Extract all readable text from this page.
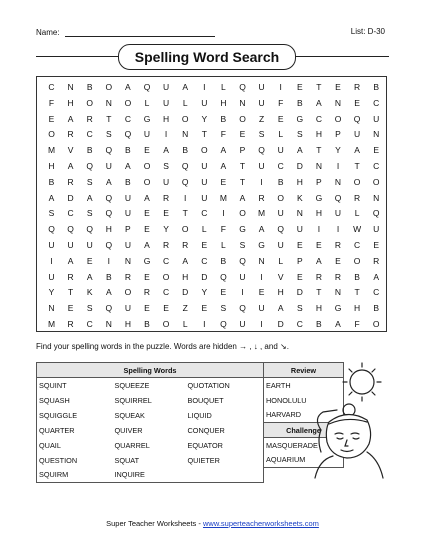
Name:	List: D-30
Spelling Word Search
C	N	B	O	A	Q	U	A	I	L	Q	U	I	E	T	E	R	B
F	H	O	N	O	L	U	L	U	H	N	U	F	B	A	N	E	C
E	A	R	T	C	G	H	O	Y	B	O	Z	E	G	C	O	Q	U
O	R	C	S	Q	U	I	N	T	F	E	S	L	S	H	P	U	N
M	V	B	Q	B	E	A	B	O	A	P	Q	U	A	T	Y	A	E
H	A	Q	U	A	O	S	Q	U	A	T	U	C	D	N	I	T	C
B	R	S	A	B	O	U	Q	U	E	T	I	B	H	P	N	O	O
A	D	A	Q	U	A	R	I	U	M	A	R	O	K	G	Q	R	N
S	C	S	Q	U	E	E	T	C	I	O	M	U	N	H	U	L	Q
Q	Q	Q	H	P	E	Y	O	L	F	G	A	Q	U	I	I	W	U
U	U	U	Q	U	A	R	R	E	L	S	G	U	E	E	R	C	E
I	A	E	I	N	G	C	A	C	B	Q	N	L	P	A	E	O	R
U	R	A	B	R	E	O	H	D	Q	U	I	V	E	R	R	B	A
Y	T	K	A	O	R	C	D	Y	E	I	E	H	D	T	N	T	C
N	E	S	Q	U	E	E	Z	E	S	Q	U	A	S	H	G	H	B
M	R	C	N	H	B	O	L	I	Q	U	I	D	C	B	A	F	O
Find your spelling words in the puzzle. Words are hidden → , ↓ , and ↘.
Spelling Words			Review
SQUINT	SQUEEZE	QUOTATION	EARTH
SQUASH	SQUIRREL	BOUQUET	HONOLULU
SQUIGGLE	SQUEAK	LIQUID	HARVARD
QUARTER	QUIVER	CONQUER	Challenge
QUAIL	QUARREL	EQUATOR	MASQUERADE
QUESTION	SQUAT	QUIETER	AQUARIUM
SQUIRM	INQUIRE		
Super Teacher Worksheets - www.superteacherworksheets.com
